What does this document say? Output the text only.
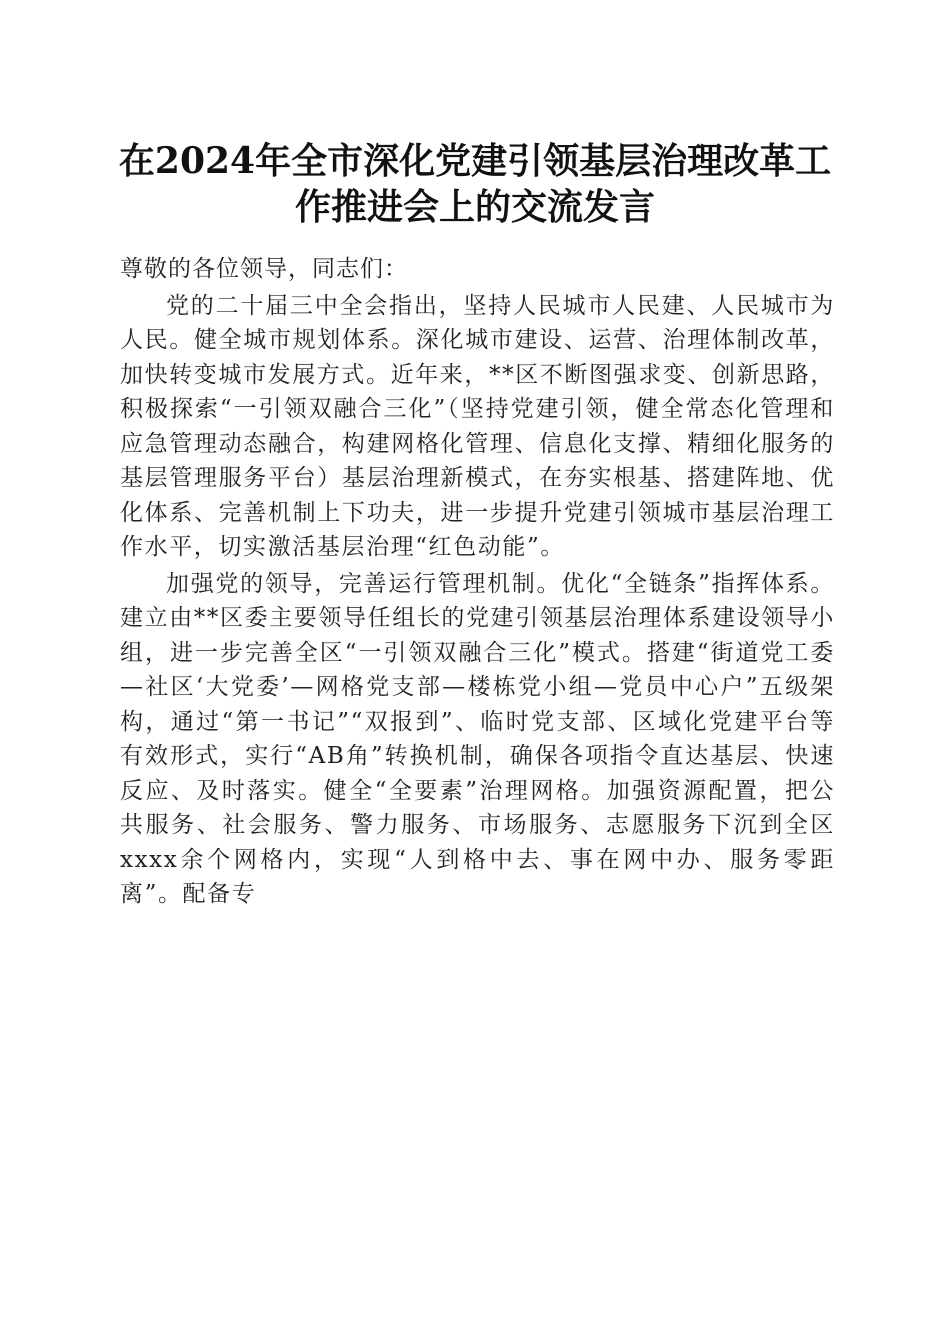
在2024年全市深化党建引领基层治理改革工
作推进会上的交流发言

尊敬的各位领导，同志们：

党的二十届三中全会指出，坚持人民城市人民建、人民城市为人民。健全城市规划体系。深化城市建设、运营、治理体制改革，加快转变城市发展方式。近年来，**区不断图强求变、创新思路，积极探索“一引领双融合三化”（坚持党建引领，健全常态化管理和应急管理动态融合，构建网格化管理、信息化支撑、精细化服务的基层管理服务平台）基层治理新模式，在夯实根基、搭建阵地、优化体系、完善机制上下功夫，进一步提升党建引领城市基层治理工作水平，切实激活基层治理“红色动能”。

加强党的领导，完善运行管理机制。优化“全链条”指挥体系。建立由**区委主要领导任组长的党建引领基层治理体系建设领导小组，进一步完善全区“一引领双融合三化”模式。搭建“街道党工委—社区‘大党委’—网格党支部—楼栋党小组—党员中心户”五级架构，通过“第一书记”“双报到”、临时党支部、区域化党建平台等有效形式，实行“AB角”转换机制，确保各项指令直达基层、快速反应、及时落实。健全“全要素”治理网格。加强资源配置，把公共服务、社会服务、警力服务、市场服务、志愿服务下沉到全区xxxx余个网格内，实现“人到格中去、事在网中办、服务零距离”。配备专
